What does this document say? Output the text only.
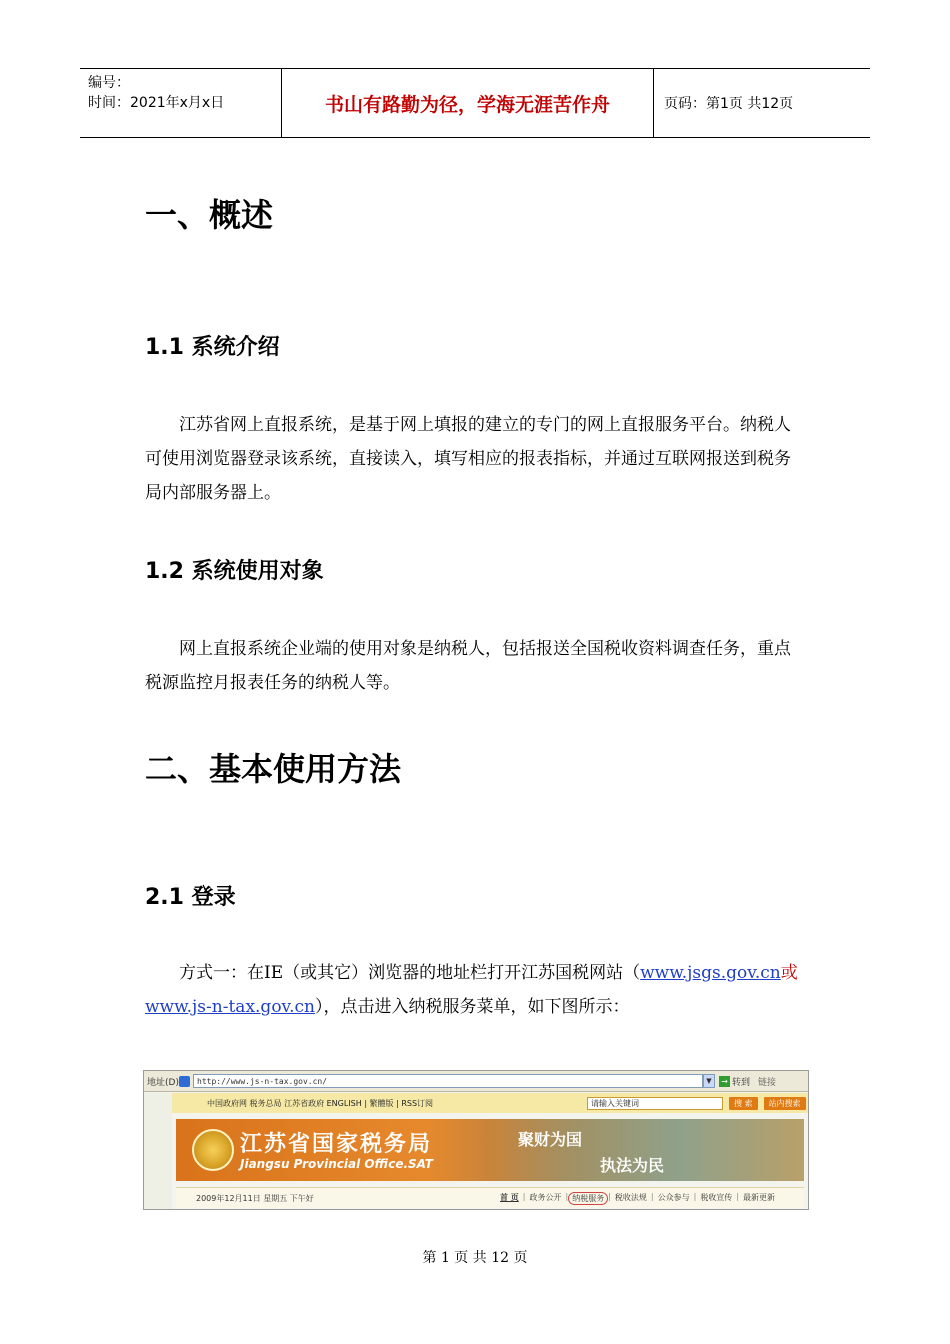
编号：
时间：2021年x月x日	书山有路勤为径，学海无涯苦作舟	页码：第1页 共12页
一、概述
1.1 系统介绍

江苏省网上直报系统，是基于网上填报的建立的专门的网上直报服务平台。纳税人可使用浏览器登录该系统，直接读入，填写相应的报表指标，并通过互联网报送到税务局内部服务器上。

1.2 系统使用对象

网上直报系统企业端的使用对象是纳税人，包括报送全国税收资料调查任务，重点税源监控月报表任务的纳税人等。

二、基本使用方法
2.1 登录

方式一：在IE（或其它）浏览器的地址栏打开江苏国税网站（www.jsgs.gov.cn或www.js-n-tax.gov.cn），点击进入纳税服务菜单，如下图所示：

地址(D)	http://www.js-n-tax.gov.cn/	▼	→ 转到 链接
中国政府网 税务总局 江苏省政府 ENGLISH | 繁體版 | RSS订阅	请输入关键词	搜 索	站内搜索
江苏省国家税务局
Jiangsu Provincial Office.SAT
聚财为国
执法为民
2009年12月11日 星期五 下午好	首 页 | 政务公开 | 纳税服务 | 税收法规 | 公众参与 | 税收宣传 | 最新更新
第 1 页 共 12 页
